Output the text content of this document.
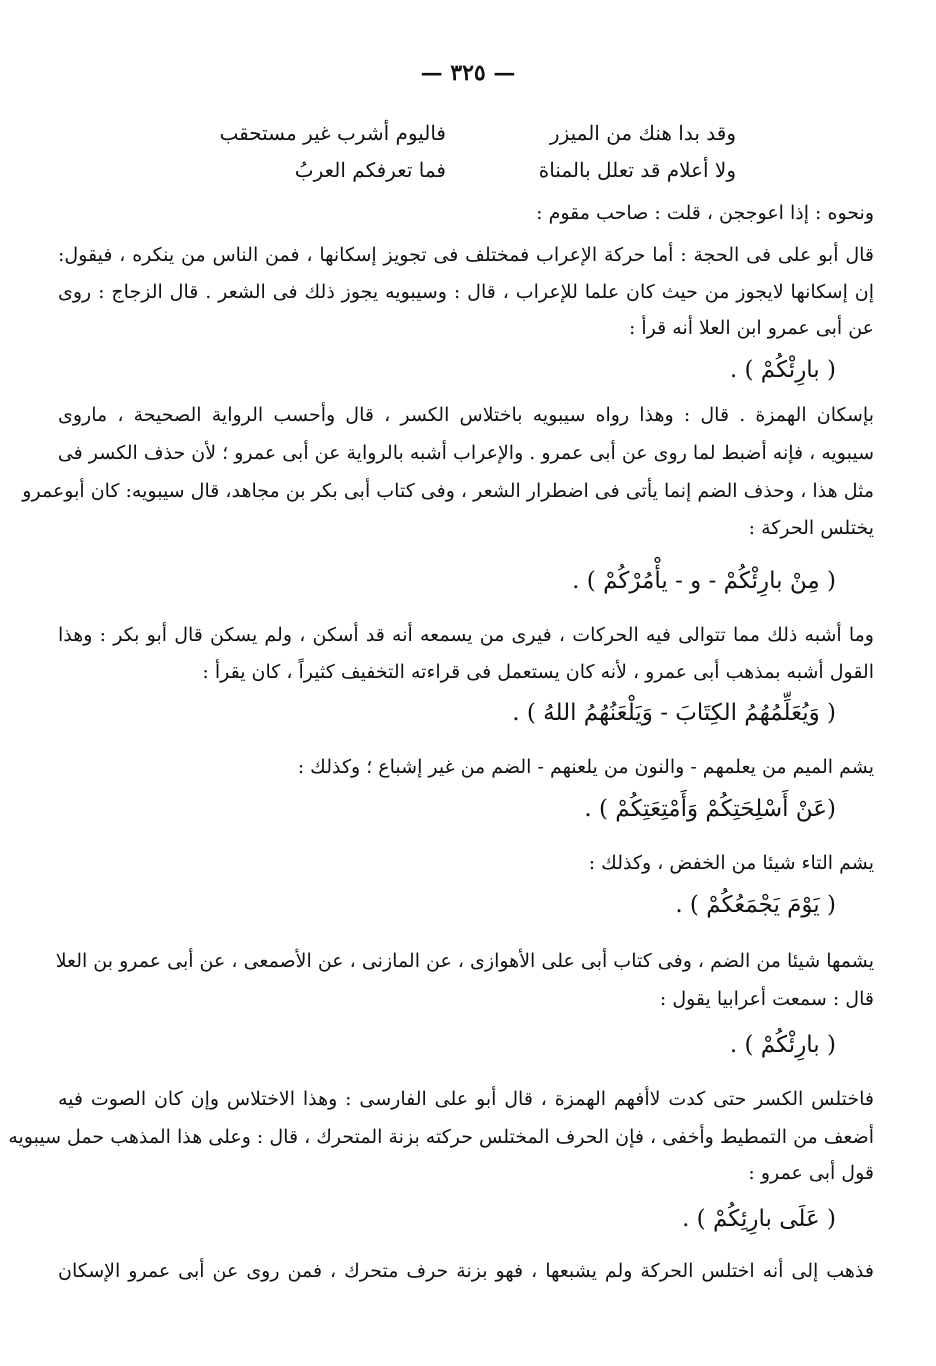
— ٣٢٥ —
وقد بدا هنك من الميزر
فاليوم أشرب غير مستحقب
ولا أعلام قد تعلل بالمناة
فما تعرفكم العربُ
ونحوه : إذا اعوججن ، قلت : صاحب مقوم :
قال أبو على فى الحجة : أما حركة الإعراب فمختلف فى تجويز إسكانها ، فمن الناس من ينكره ، فيقول:
إن إسكانها لايجوز من حيث كان علما للإعراب ، قال : وسيبويه يجوز ذلك فى الشعر . قال الزجاج : روى
عن أبى عمرو ابن العلا أنه قرأ :
( بارِئْكُمْ ) .
بإسكان الهمزة . قال : وهذا رواه سيبويه باختلاس الكسر ، قال وأحسب الرواية الصحيحة ، ماروى
سيبويه ، فإنه أضبط لما روى عن أبى عمرو . والإعراب أشبه بالرواية عن أبى عمرو ؛ لأن حذف الكسر فى
مثل هذا ، وحذف الضم إنما يأتى فى اضطرار الشعر ، وفى كتاب أبى بكر بن مجاهد، قال سيبويه: كان أبوعمرو
يختلس الحركة :
( مِنْ بارِئْكُمْ - و - يأْمُرْكُمْ ) .
وما أشبه ذلك مما تتوالى فيه الحركات ، فيرى من يسمعه أنه قد أسكن ، ولم يسكن قال أبو بكر : وهذا
القول أشبه بمذهب أبى عمرو ، لأنه كان يستعمل فى قراءته التخفيف كثيراً ، كان يقرأ :
( وَيُعَلِّمُهُمُ الكِتَابَ - وَيَلْعَنُهُمُ اللهُ ) .
يشم الميم من يعلمهم - والنون من يلعنهم - الضم من غير إشباع ؛ وكذلك :
(عَنْ أَسْلِحَتِكُمْ وَأَمْتِعَتِكُمْ ) .
يشم التاء شيئا من الخفض ، وكذلك :
( يَوْمَ يَجْمَعُكُمْ ) .
يشمها شيئا من الضم ، وفى كتاب أبى على الأهوازى ، عن المازنى ، عن الأصمعى ، عن أبى عمرو بن العلا
قال : سمعت أعرابيا يقول :
( بارِئْكُمْ ) .
فاختلس الكسر حتى كدت لاأفهم الهمزة ، قال أبو على الفارسى : وهذا الاختلاس وإن كان الصوت فيه
أضعف من التمطيط وأخفى ، فإن الحرف المختلس حركته بزنة المتحرك ، قال : وعلى هذا المذهب حمل سيبويه
قول أبى عمرو :
( عَلَى بارِئِكُمْ ) .
فذهب إلى أنه اختلس الحركة ولم يشبعها ، فهو بزنة حرف متحرك ، فمن روى عن أبى عمرو الإسكان
